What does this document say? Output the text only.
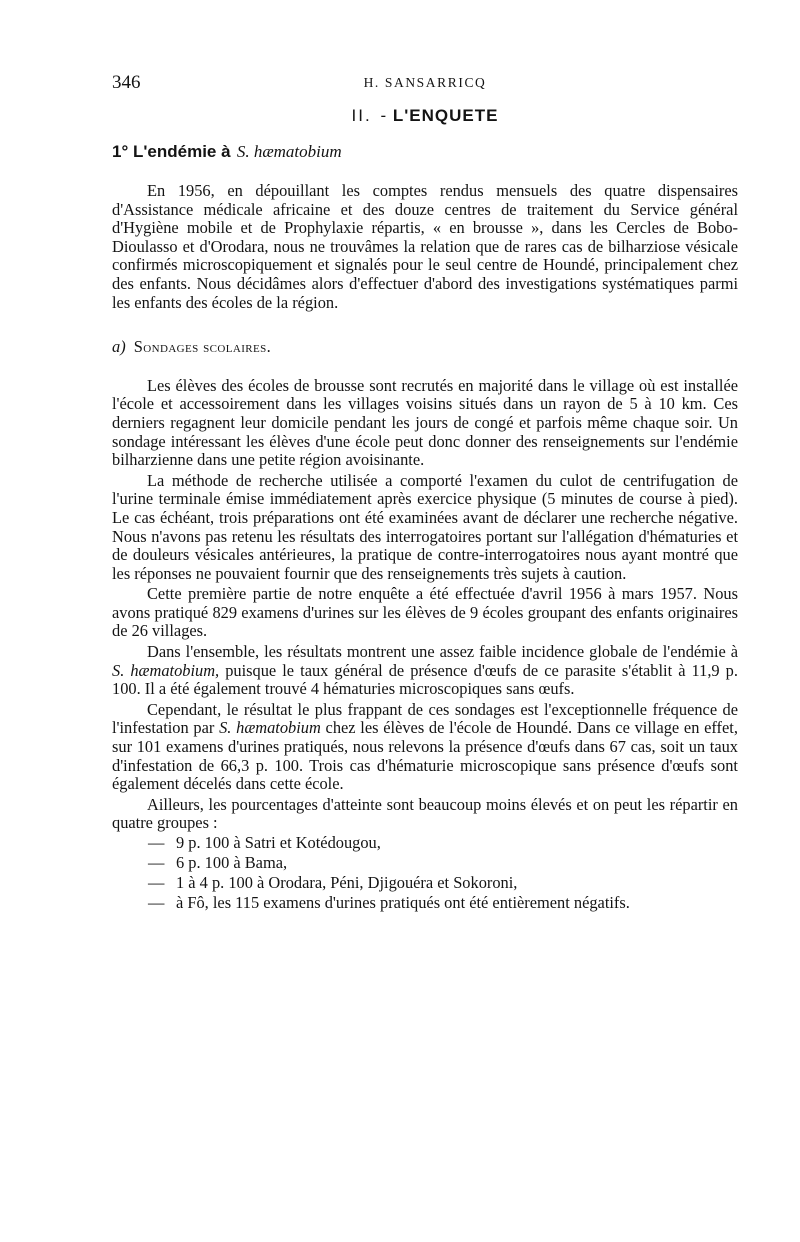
346	H. SANSARRICQ
II. - L'ENQUETE
1° L'endémie à S. hæmatobium

En 1956, en dépouillant les comptes rendus mensuels des quatre dispensaires d'Assistance médicale africaine et des douze centres de traitement du Service général d'Hygiène mobile et de Prophylaxie répartis, « en brousse », dans les Cercles de Bobo-Dioulasso et d'Orodara, nous ne trouvâmes la relation que de rares cas de bilharziose vésicale confirmés microscopiquement et signalés pour le seul centre de Houndé, principalement chez des enfants. Nous décidâmes alors d'effectuer d'abord des investigations systématiques parmi les enfants des écoles de la région.

a) Sondages scolaires.

Les élèves des écoles de brousse sont recrutés en majorité dans le village où est installée l'école et accessoirement dans les villages voisins situés dans un rayon de 5 à 10 km. Ces derniers regagnent leur domicile pendant les jours de congé et parfois même chaque soir. Un sondage intéressant les élèves d'une école peut donc donner des renseignements sur l'endémie bilharzienne dans une petite région avoisinante.

La méthode de recherche utilisée a comporté l'examen du culot de centrifugation de l'urine terminale émise immédiatement après exercice physique (5 minutes de course à pied). Le cas échéant, trois préparations ont été examinées avant de déclarer une recherche négative. Nous n'avons pas retenu les résultats des interrogatoires portant sur l'allégation d'hématuries et de douleurs vésicales antérieures, la pratique de contre-interrogatoires nous ayant montré que les réponses ne pouvaient fournir que des renseignements très sujets à caution.

Cette première partie de notre enquête a été effectuée d'avril 1956 à mars 1957. Nous avons pratiqué 829 examens d'urines sur les élèves de 9 écoles groupant des enfants originaires de 26 villages.

Dans l'ensemble, les résultats montrent une assez faible incidence globale de l'endémie à S. hæmatobium, puisque le taux général de présence d'œufs de ce parasite s'établit à 11,9 p. 100. Il a été également trouvé 4 hématuries microscopiques sans œufs.

Cependant, le résultat le plus frappant de ces sondages est l'exceptionnelle fréquence de l'infestation par S. hæmatobium chez les élèves de l'école de Houndé. Dans ce village en effet, sur 101 examens d'urines pratiqués, nous relevons la présence d'œufs dans 67 cas, soit un taux d'infestation de 66,3 p. 100. Trois cas d'hématurie microscopique sans présence d'œufs sont également décelés dans cette école.

Ailleurs, les pourcentages d'atteinte sont beaucoup moins élevés et on peut les répartir en quatre groupes :

— 9 p. 100 à Satri et Kotédougou,
— 6 p. 100 à Bama,
— 1 à 4 p. 100 à Orodara, Péni, Djigouéra et Sokoroni,
— à Fô, les 115 examens d'urines pratiqués ont été entièrement négatifs.
